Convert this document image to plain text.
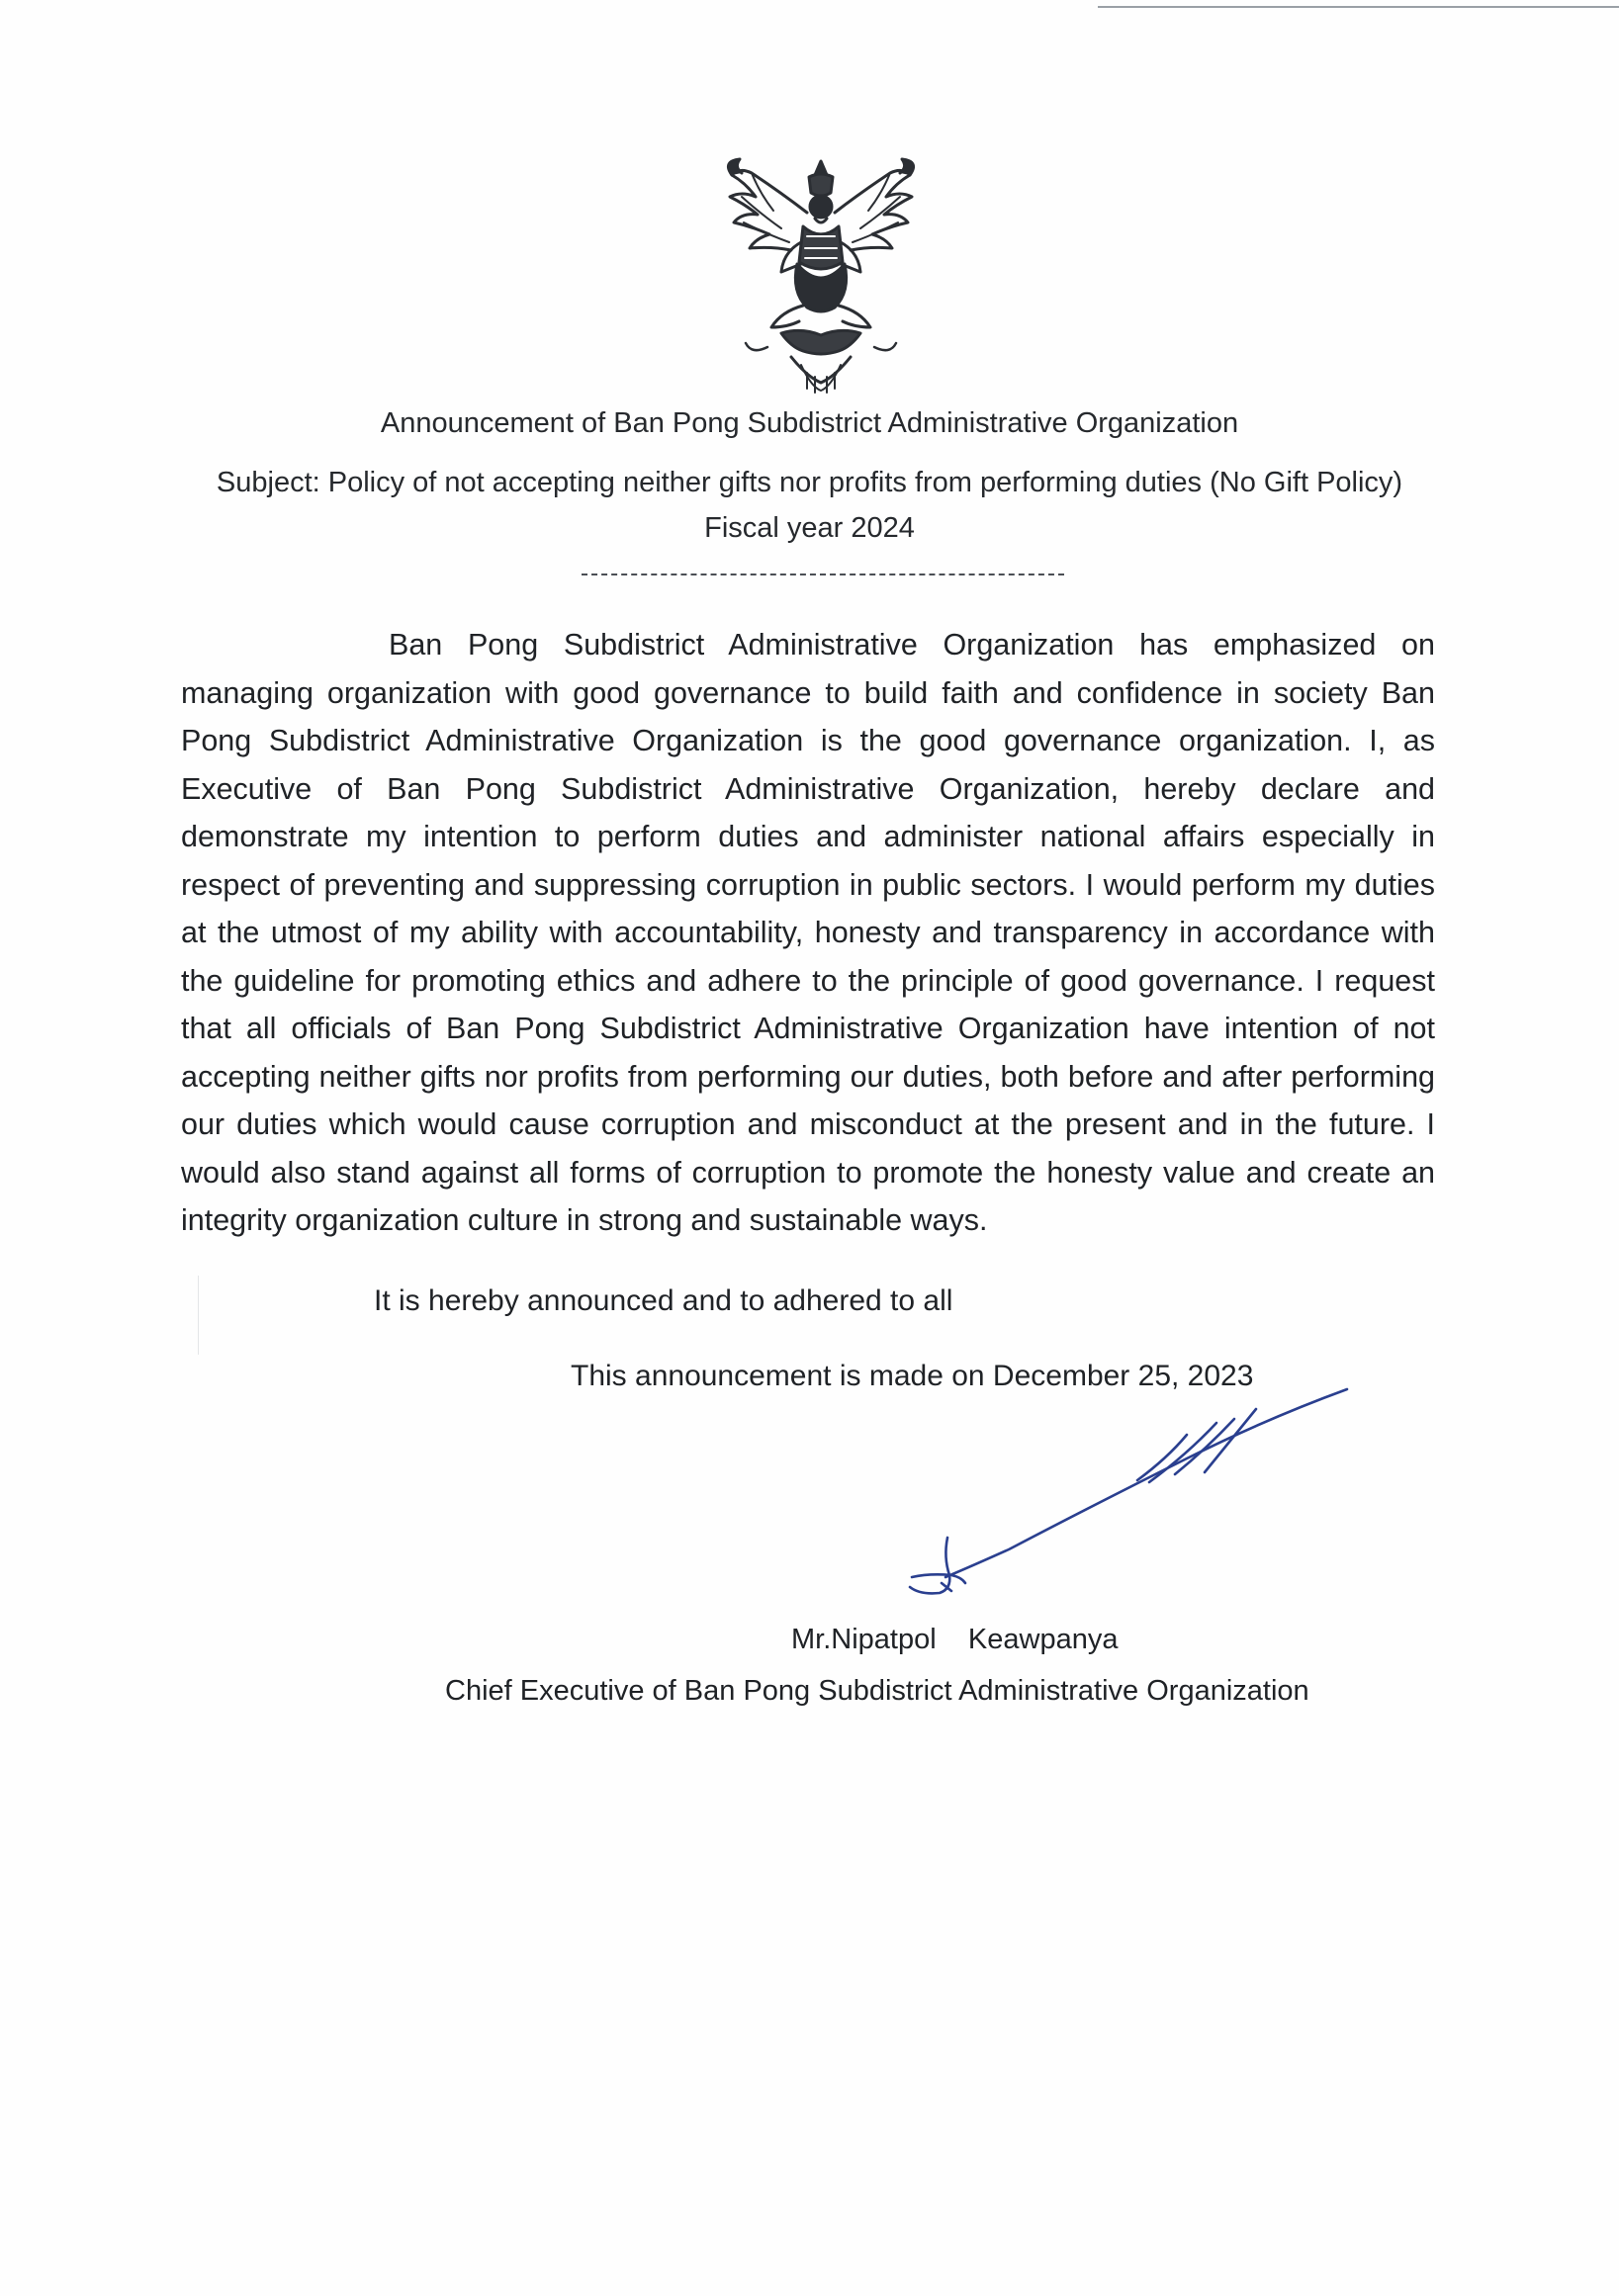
Announcement of Ban Pong Subdistrict Administrative Organization
Subject: Policy of not accepting neither gifts nor profits from performing duties (No Gift Policy)
Fiscal year 2024
Ban Pong Subdistrict Administrative Organization has emphasized on managing organization with good governance to build faith and confidence in society Ban Pong Subdistrict Administrative Organization is the good governance organization. I, as Executive of Ban Pong Subdistrict Administrative Organization, hereby declare and demonstrate my intention to perform duties and administer national affairs especially in respect of preventing and suppressing corruption in public sectors. I would perform my duties at the utmost of my ability with accountability, honesty and transparency in accordance with the guideline for promoting ethics and adhere to the principle of good governance. I request that all officials of Ban Pong Subdistrict Administrative Organization have intention of not accepting neither gifts nor profits from performing our duties, both before and after performing our duties which would cause corruption and misconduct at the present and in the future. I would also stand against all forms of corruption to promote the honesty value and create an integrity organization culture in strong and sustainable ways.
It is hereby announced and to adhered to all
This announcement is made on December 25, 2023
Mr.Nipatpol    Keawpanya
Chief Executive of Ban Pong Subdistrict Administrative Organization
